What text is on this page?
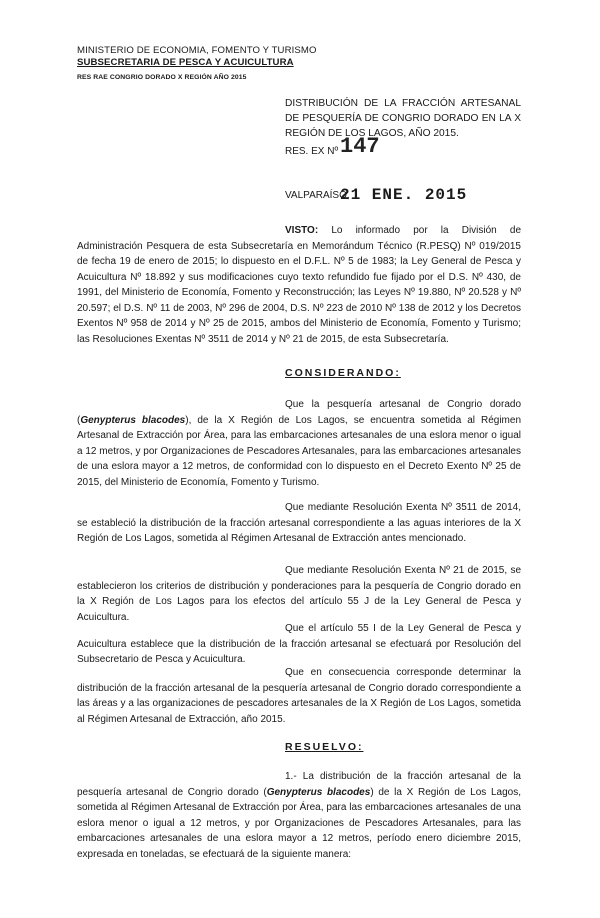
MINISTERIO DE ECONOMIA, FOMENTO Y TURISMO
SUBSECRETARIA DE PESCA Y ACUICULTURA
RES RAE CONGRIO DORADO X REGIÓN AÑO 2015
DISTRIBUCIÓN DE LA FRACCIÓN ARTESANAL DE PESQUERÍA DE CONGRIO DORADO EN LA X REGIÓN DE LOS LAGOS, AÑO 2015.
RES. EX Nº 147
VALPARAÍSO,
21 ENE. 2015
VISTO: Lo informado por la División de Administración Pesquera de esta Subsecretaría en Memorándum Técnico (R.PESQ) Nº 019/2015 de fecha 19 de enero de 2015; lo dispuesto en el D.F.L. Nº 5 de 1983; la Ley General de Pesca y Acuicultura Nº 18.892 y sus modificaciones cuyo texto refundido fue fijado por el D.S. Nº 430, de 1991, del Ministerio de Economía, Fomento y Reconstrucción; las Leyes Nº 19.880, Nº 20.528 y Nº 20.597; el D.S. Nº 11 de 2003, Nº 296 de 2004, D.S. Nº 223 de 2010 Nº 138 de 2012 y los Decretos Exentos Nº 958 de 2014 y Nº 25 de 2015, ambos del Ministerio de Economía, Fomento y Turismo; las Resoluciones Exentas Nº 3511 de 2014 y Nº 21 de 2015, de esta Subsecretaría.
CONSIDERANDO:
Que la pesquería artesanal de Congrio dorado (Genypterus blacodes), de la X Región de Los Lagos, se encuentra sometida al Régimen Artesanal de Extracción por Área, para las embarcaciones artesanales de una eslora menor o igual a 12 metros, y por Organizaciones de Pescadores Artesanales, para las embarcaciones artesanales de una eslora mayor a 12 metros, de conformidad con lo dispuesto en el Decreto Exento Nº 25 de 2015, del Ministerio de Economía, Fomento y Turismo.
Que mediante Resolución Exenta Nº 3511 de 2014, se estableció la distribución de la fracción artesanal correspondiente a las aguas interiores de la X Región de Los Lagos, sometida al Régimen Artesanal de Extracción antes mencionado.
Que mediante Resolución Exenta Nº 21 de 2015, se establecieron los criterios de distribución y ponderaciones para la pesquería de Congrio dorado en la X Región de Los Lagos para los efectos del artículo 55 J de la Ley General de Pesca y Acuicultura.
Que el artículo 55 I de la Ley General de Pesca y Acuicultura establece que la distribución de la fracción artesanal se efectuará por Resolución del Subsecretario de Pesca y Acuicultura.
Que en consecuencia corresponde determinar la distribución de la fracción artesanal de la pesquería artesanal de Congrio dorado correspondiente a las áreas y a las organizaciones de pescadores artesanales de la X Región de Los Lagos, sometida al Régimen Artesanal de Extracción, año 2015.
RESUELVO:
1.- La distribución de la fracción artesanal de la pesquería artesanal de Congrio dorado (Genypterus blacodes) de la X Región de Los Lagos, sometida al Régimen Artesanal de Extracción por Área, para las embarcaciones artesanales de una eslora menor o igual a 12 metros, y por Organizaciones de Pescadores Artesanales, para las embarcaciones artesanales de una eslora mayor a 12 metros, período enero diciembre 2015, expresada en toneladas, se efectuará de la siguiente manera:
